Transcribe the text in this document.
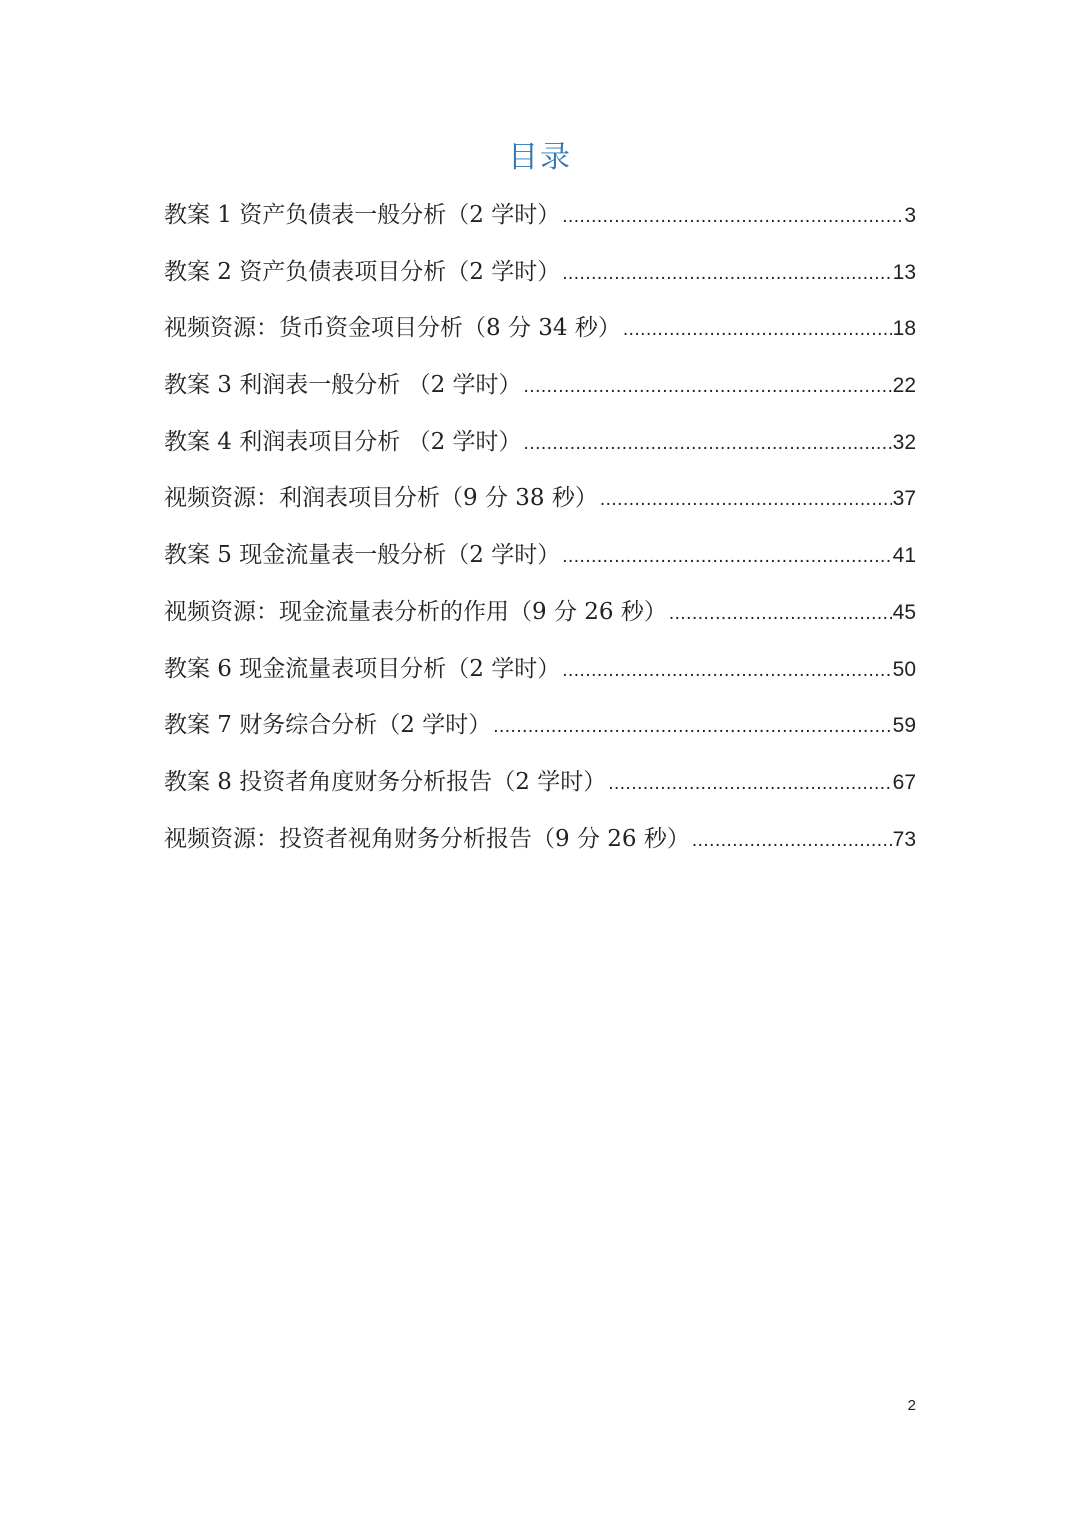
目录
教案 1 资产负债表一般分析（2 学时） .....	3
教案 2 资产负债表项目分析（2 学时） .....	13
视频资源：货币资金项目分析（8 分 34 秒） .....	18
教案 3 利润表一般分析 （2 学时） .....	22
教案 4 利润表项目分析 （2 学时） .....	32
视频资源：利润表项目分析（9 分 38 秒） .....	37
教案 5 现金流量表一般分析（2 学时） .....	41
视频资源：现金流量表分析的作用（9 分 26 秒） .....	45
教案 6 现金流量表项目分析（2 学时） .....	50
教案 7 财务综合分析（2 学时） .....	59
教案 8 投资者角度财务分析报告（2 学时） .....	67
视频资源：投资者视角财务分析报告（9 分 26 秒） .....	73
2
